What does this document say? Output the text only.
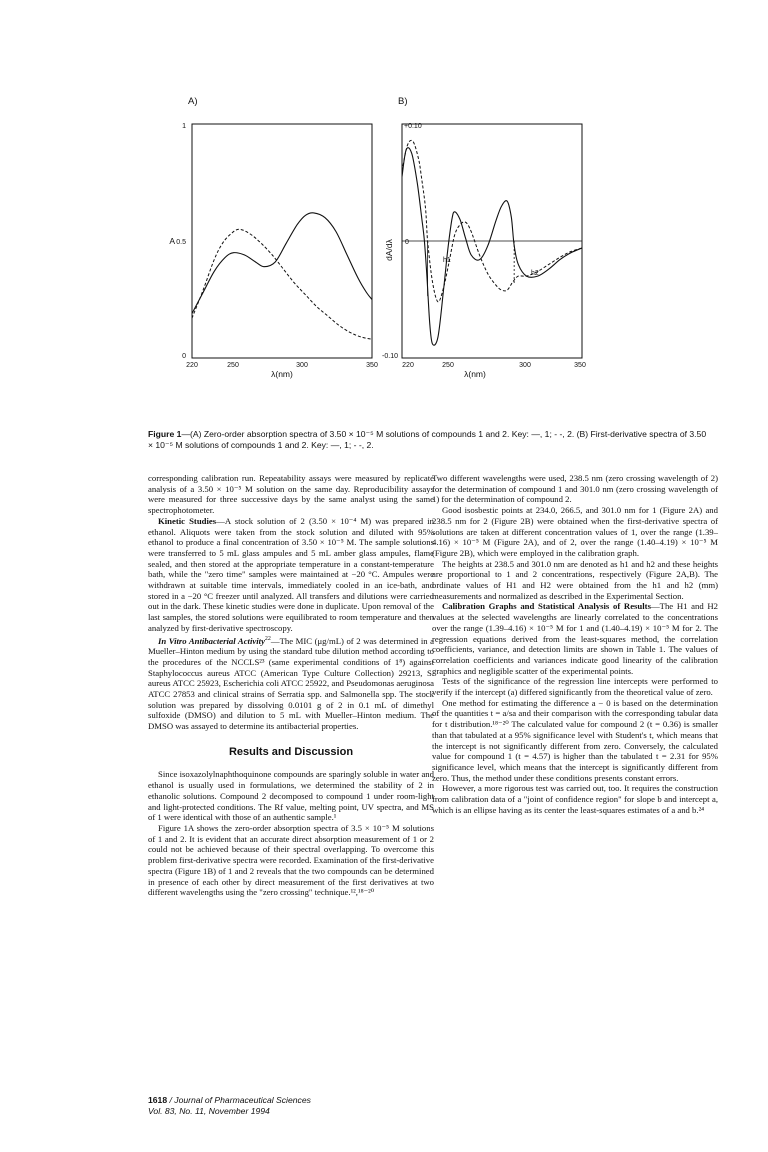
A)	B)
1
0.5
0
A
220	250	300	350
λ(nm)
+0.10
0
-0.10
dA/dλ
220	250	300	350
λ(nm)
h1
h2
Figure 1—(A) Zero-order absorption spectra of 3.50 × 10⁻⁵ M solutions of compounds 1 and 2. Key: —, 1; - -, 2. (B) First-derivative spectra of 3.50 × 10⁻⁵ M solutions of compounds 1 and 2. Key: —, 1; - -, 2.

corresponding calibration run. Repeatability assays were measured by replicate analysis of a 3.50 × 10⁻⁵ M solution on the same day. Reproducibility assays were measured for three successive days by the same analyst using the same spectrophotometer.

Kinetic Studies—A stock solution of 2 (3.50 × 10⁻⁴ M) was prepared in ethanol. Aliquots were taken from the stock solution and diluted with 95% ethanol to produce a final concentration of 3.50 × 10⁻⁵ M. The sample solutions were transferred to 5 mL glass ampules and 5 mL amber glass ampules, flame sealed, and then stored at the appropriate temperature in a constant-temperature bath, while the "zero time" samples were maintained at −20 °C. Ampules were withdrawn at suitable time intervals, immediately cooled in an ice-bath, and stored in a −20 °C freezer until analyzed. All transfers and dilutions were carried out in the dark. These kinetic studies were done in duplicate. Upon removal of the last samples, the stored solutions were equilibrated to room temperature and then analyzed by first-derivative spectroscopy.

In Vitro Antibacterial Activity$^{22}$—The MIC (μg/mL) of 2 was determined in a Mueller–Hinton medium by using the standard tube dilution method according to the procedures of the NCCLS²³ (same experimental conditions of 1⁸) against Staphylococcus aureus ATCC (American Type Culture Collection) 29213, S. aureus ATCC 25923, Escherichia coli ATCC 25922, and Pseudomonas aeruginosa ATCC 27853 and clinical strains of Serratia spp. and Salmonella spp. The stock solution was prepared by dissolving 0.0101 g of 2 in 0.1 mL of dimethyl sulfoxide (DMSO) and dilution to 5 mL with Mueller–Hinton medium. The DMSO was assayed to determine its antibacterial properties.

Results and Discussion

Since isoxazolylnaphthoquinone compounds are sparingly soluble in water and ethanol is usually used in formulations, we determined the stability of 2 in ethanolic solutions. Compound 2 decomposed to compound 1 under room-light and light-protected conditions. The Rf value, melting point, UV spectra, and MS of 1 were identical with those of an authentic sample.¹

Figure 1A shows the zero-order absorption spectra of 3.5 × 10⁻⁵ M solutions of 1 and 2. It is evident that an accurate direct absorption measurement of 1 or 2 could not be achieved because of their spectral overlapping. To overcome this problem first-derivative spectra were recorded. Examination of the first-derivative spectra (Figure 1B) of 1 and 2 reveals that the two compounds can be determined in presence of each other by direct measurement of the first derivatives at two different wavelengths using the "zero crossing" technique.¹²,¹⁸⁻²⁰

Two different wavelengths were used, 238.5 nm (zero crossing wavelength of 2) for the determination of compound 1 and 301.0 nm (zero crossing wavelength of 1) for the determination of compound 2.

Good isosbestic points at 234.0, 266.5, and 301.0 nm for 1 (Figure 2A) and 238.5 nm for 2 (Figure 2B) were obtained when the first-derivative spectra of solutions are taken at different concentration values of 1, over the range (1.39–4.16) × 10⁻⁵ M (Figure 2A), and of 2, over the range (1.40–4.19) × 10⁻⁵ M (Figure 2B), which were employed in the calibration graph.

The heights at 238.5 and 301.0 nm are denoted as h1 and h2 and these heights are proportional to 1 and 2 concentrations, respectively (Figure 2A,B). The ordinate values of H1 and H2 were obtained from the h1 and h2 (mm) measurements and normalized as described in the Experimental Section.

Calibration Graphs and Statistical Analysis of Results—The H1 and H2 values at the selected wavelengths are linearly correlated to the concentrations over the range (1.39–4.16) × 10⁻⁵ M for 1 and (1.40–4.19) × 10⁻⁵ M for 2. The regression equations derived from the least-squares method, the correlation coefficients, variance, and detection limits are shown in Table 1. The values of correlation coefficients and variances indicate good linearity of the calibration graphics and negligible scatter of the experimental points.

Tests of the significance of the regression line intercepts were performed to verify if the intercept (a) differed significantly from the theoretical value of zero.

One method for estimating the difference a − 0 is based on the determination of the quantities t = a/sa and their comparison with the corresponding tabular data for t distribution.¹⁸⁻²⁰ The calculated value for compound 2 (t = 0.36) is smaller than that tabulated at a 95% significance level with Student's t, which means that the intercept is not significantly different from zero. Conversely, the calculated value for compound 1 (t = 4.57) is higher than the tabulated t = 2.31 for 95% significance level, which means that the intercept is significantly different from zero. Thus, the method under these conditions presents constant errors.

However, a more rigorous test was carried out, too. It requires the construction from calibration data of a "joint of confidence region" for slope b and intercept a, which is an ellipse having as its center the least-squares estimates of a and b.²⁴

1618 / Journal of Pharmaceutical Sciences
Vol. 83, No. 11, November 1994
